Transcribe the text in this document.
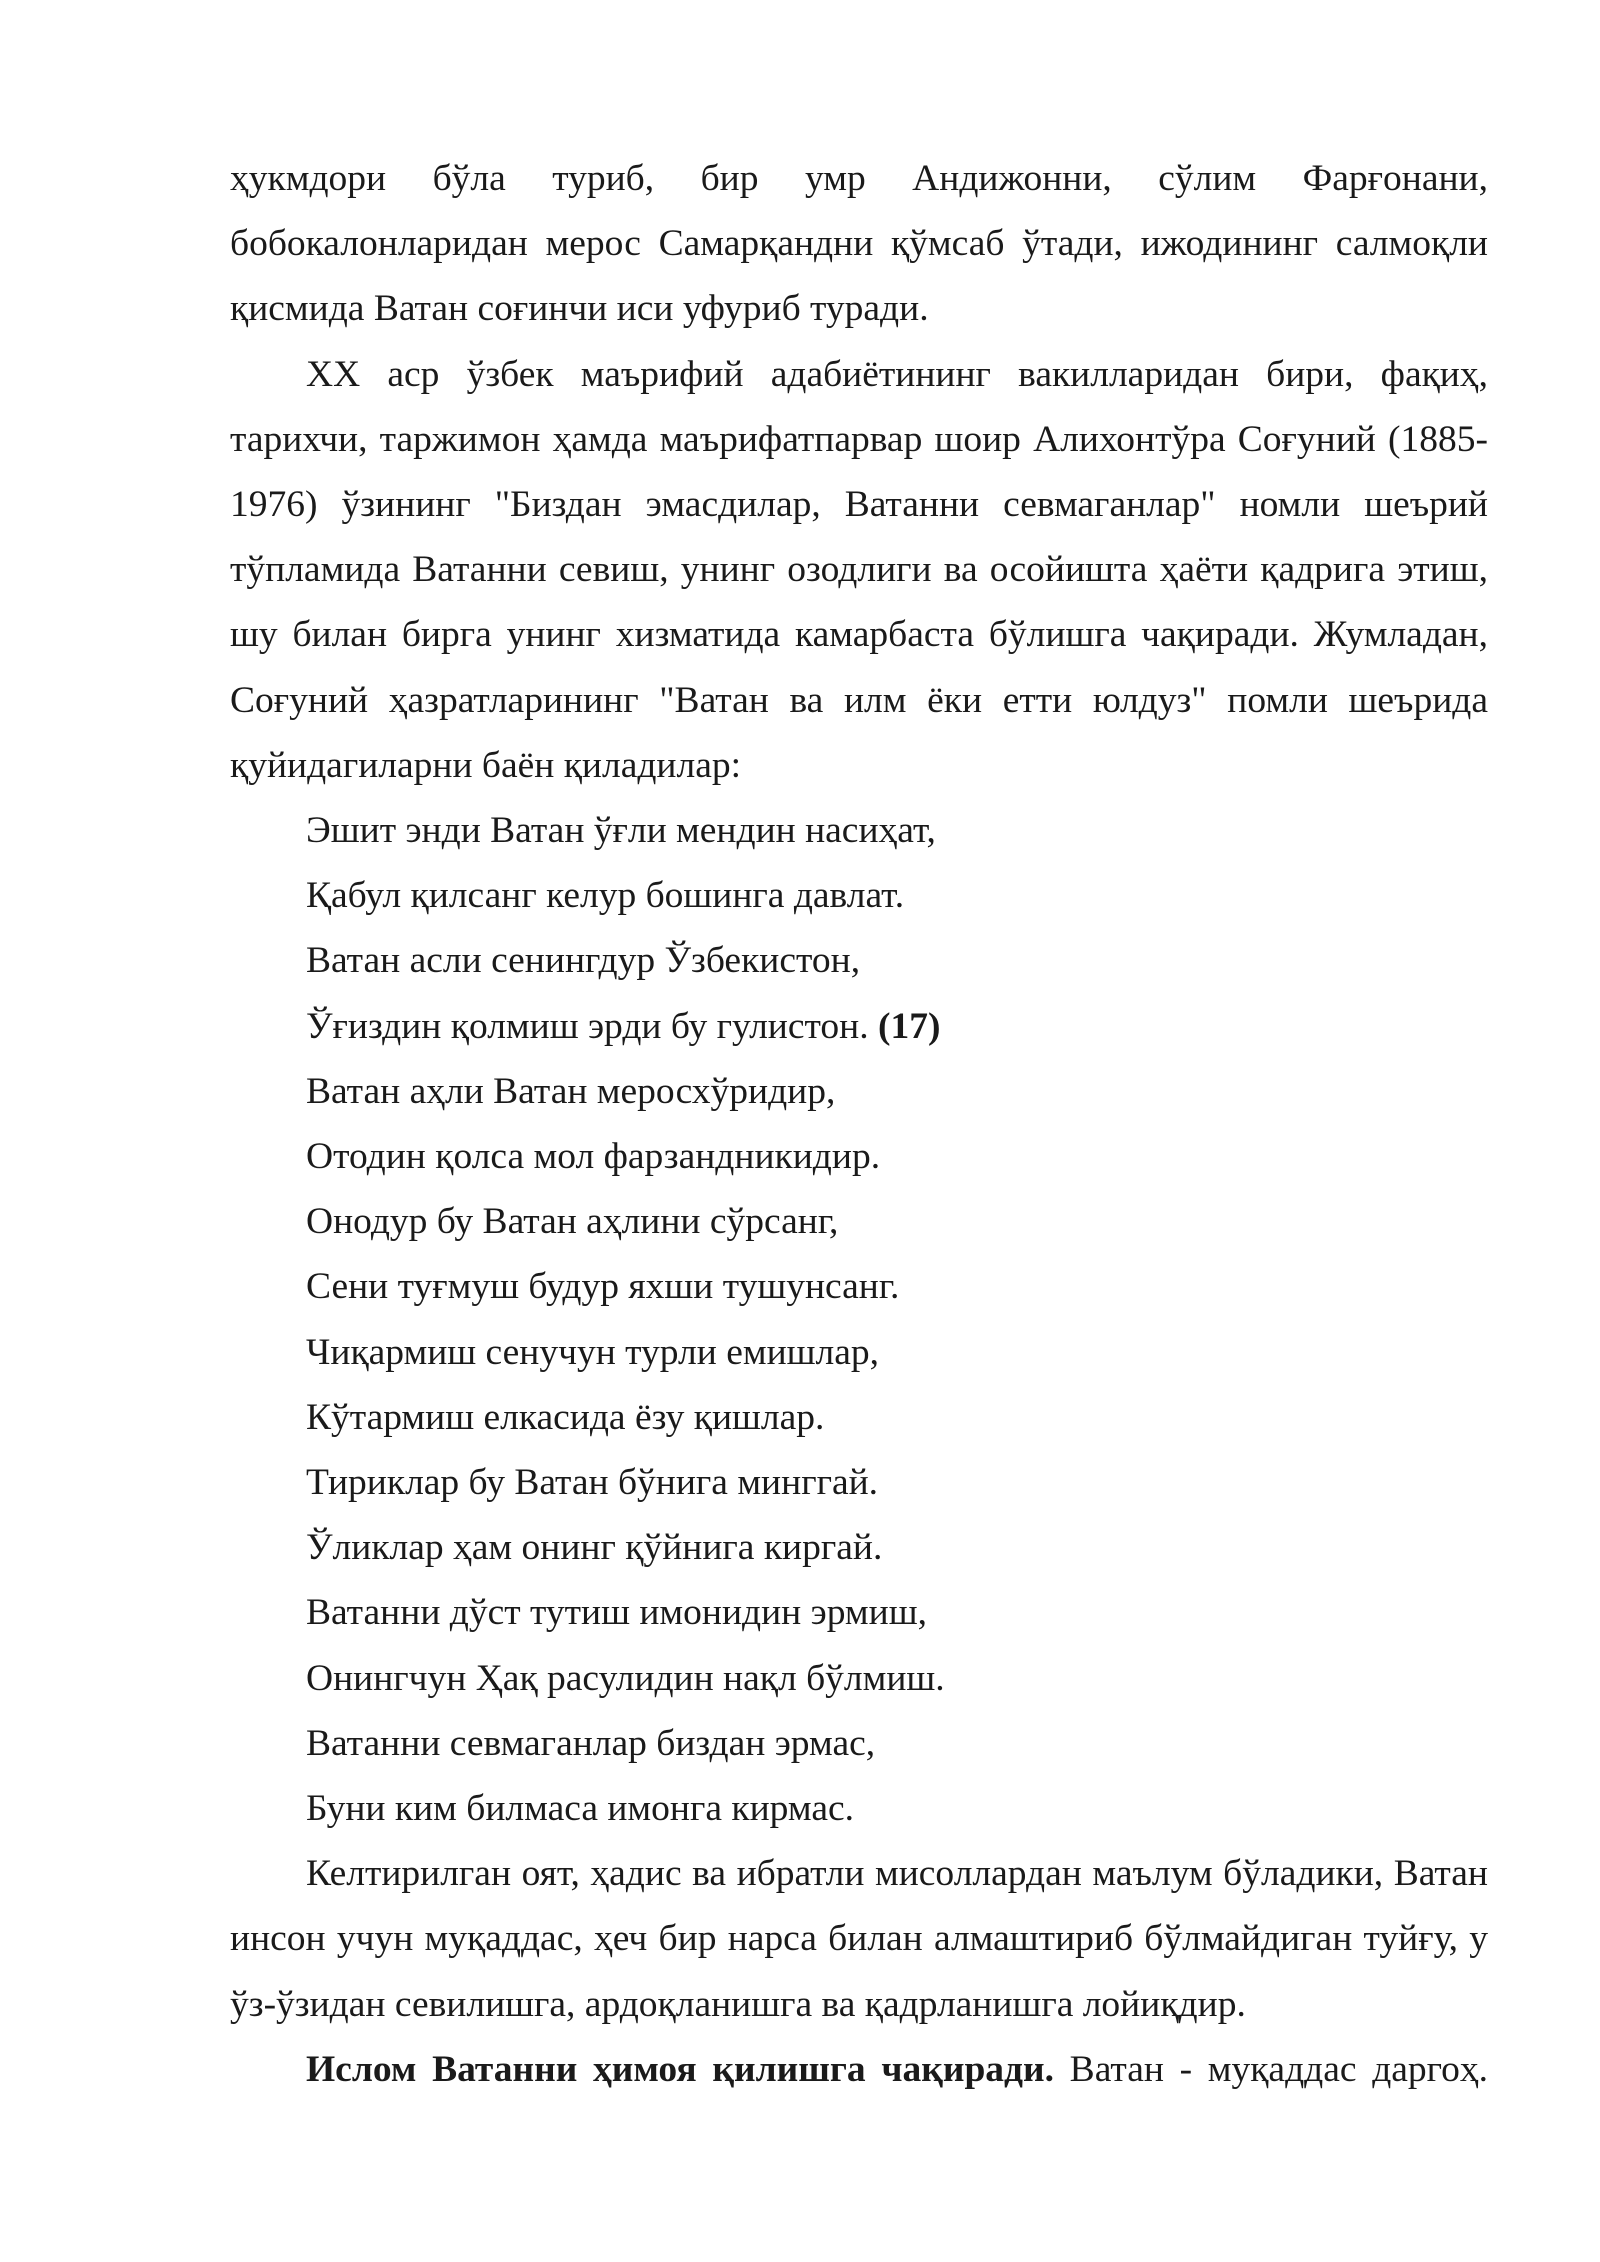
ҳукмдори бўла туриб, бир умр Андижонни, сўлим Фарғонани, бобокалонларидан мерос Самарқандни қўмсаб ўтади, ижодининг салмоқли қисмида Ватан соғинчи иси уфуриб туради.

XX аср ўзбек маърифий адабиётининг вакилларидан бири, фақиҳ, тарихчи, таржимон ҳамда маърифатпарвар шоир Алихонтўра Соғуний (1885-1976) ўзининг "Биздан эмасдилар, Ватанни севмаганлар" номли шеърий тўпламида Ватанни севиш, унинг озодлиги ва осойишта ҳаёти қадрига этиш, шу билан бирга унинг хизматида камарбаста бўлишга чақиради. Жумладан, Соғуний ҳазратларининг "Ватан ва илм ёки етти юлдуз" помли шеърида қуйидагиларни баён қиладилар:

Эшит энди Ватан ўғли мендин насиҳат,

Қабул қилсанг келур бошинга давлат.

Ватан асли сенингдур Ўзбекистон,

Ўғиздин қолмиш эрди бу гулистон. (17)

Ватан аҳли Ватан меросхўридир,

Отодин қолса мол фарзандникидир.

Онодур бу Ватан аҳлини сўрсанг,

Сени туғмуш будур яхши тушунсанг.

Чиқармиш сенучун турли емишлар,

Кўтармиш елкасида ёзу қишлар.

Тириклар бу Ватан бўнига минггай.

Ўликлар ҳам онинг қўйнига киргай.

Ватанни дўст тутиш имонидин эрмиш,

Онингчун Ҳақ расулидин нақл бўлмиш.

Ватанни севмаганлар биздан эрмас,

Буни ким билмаса имонга кирмас.

Келтирилган оят, ҳадис ва ибратли мисоллардан маълум бўладики, Ватан инсон учун муқаддас, ҳеч бир нарса билан алмаштириб бўлмайдиган туйғу, у ўз-ўзидан севилишга, ардоқланишга ва қадрланишга лойиқдир.

Ислом Ватанни ҳимоя қилишга чақиради. Ватан - муқаддас даргоҳ.
